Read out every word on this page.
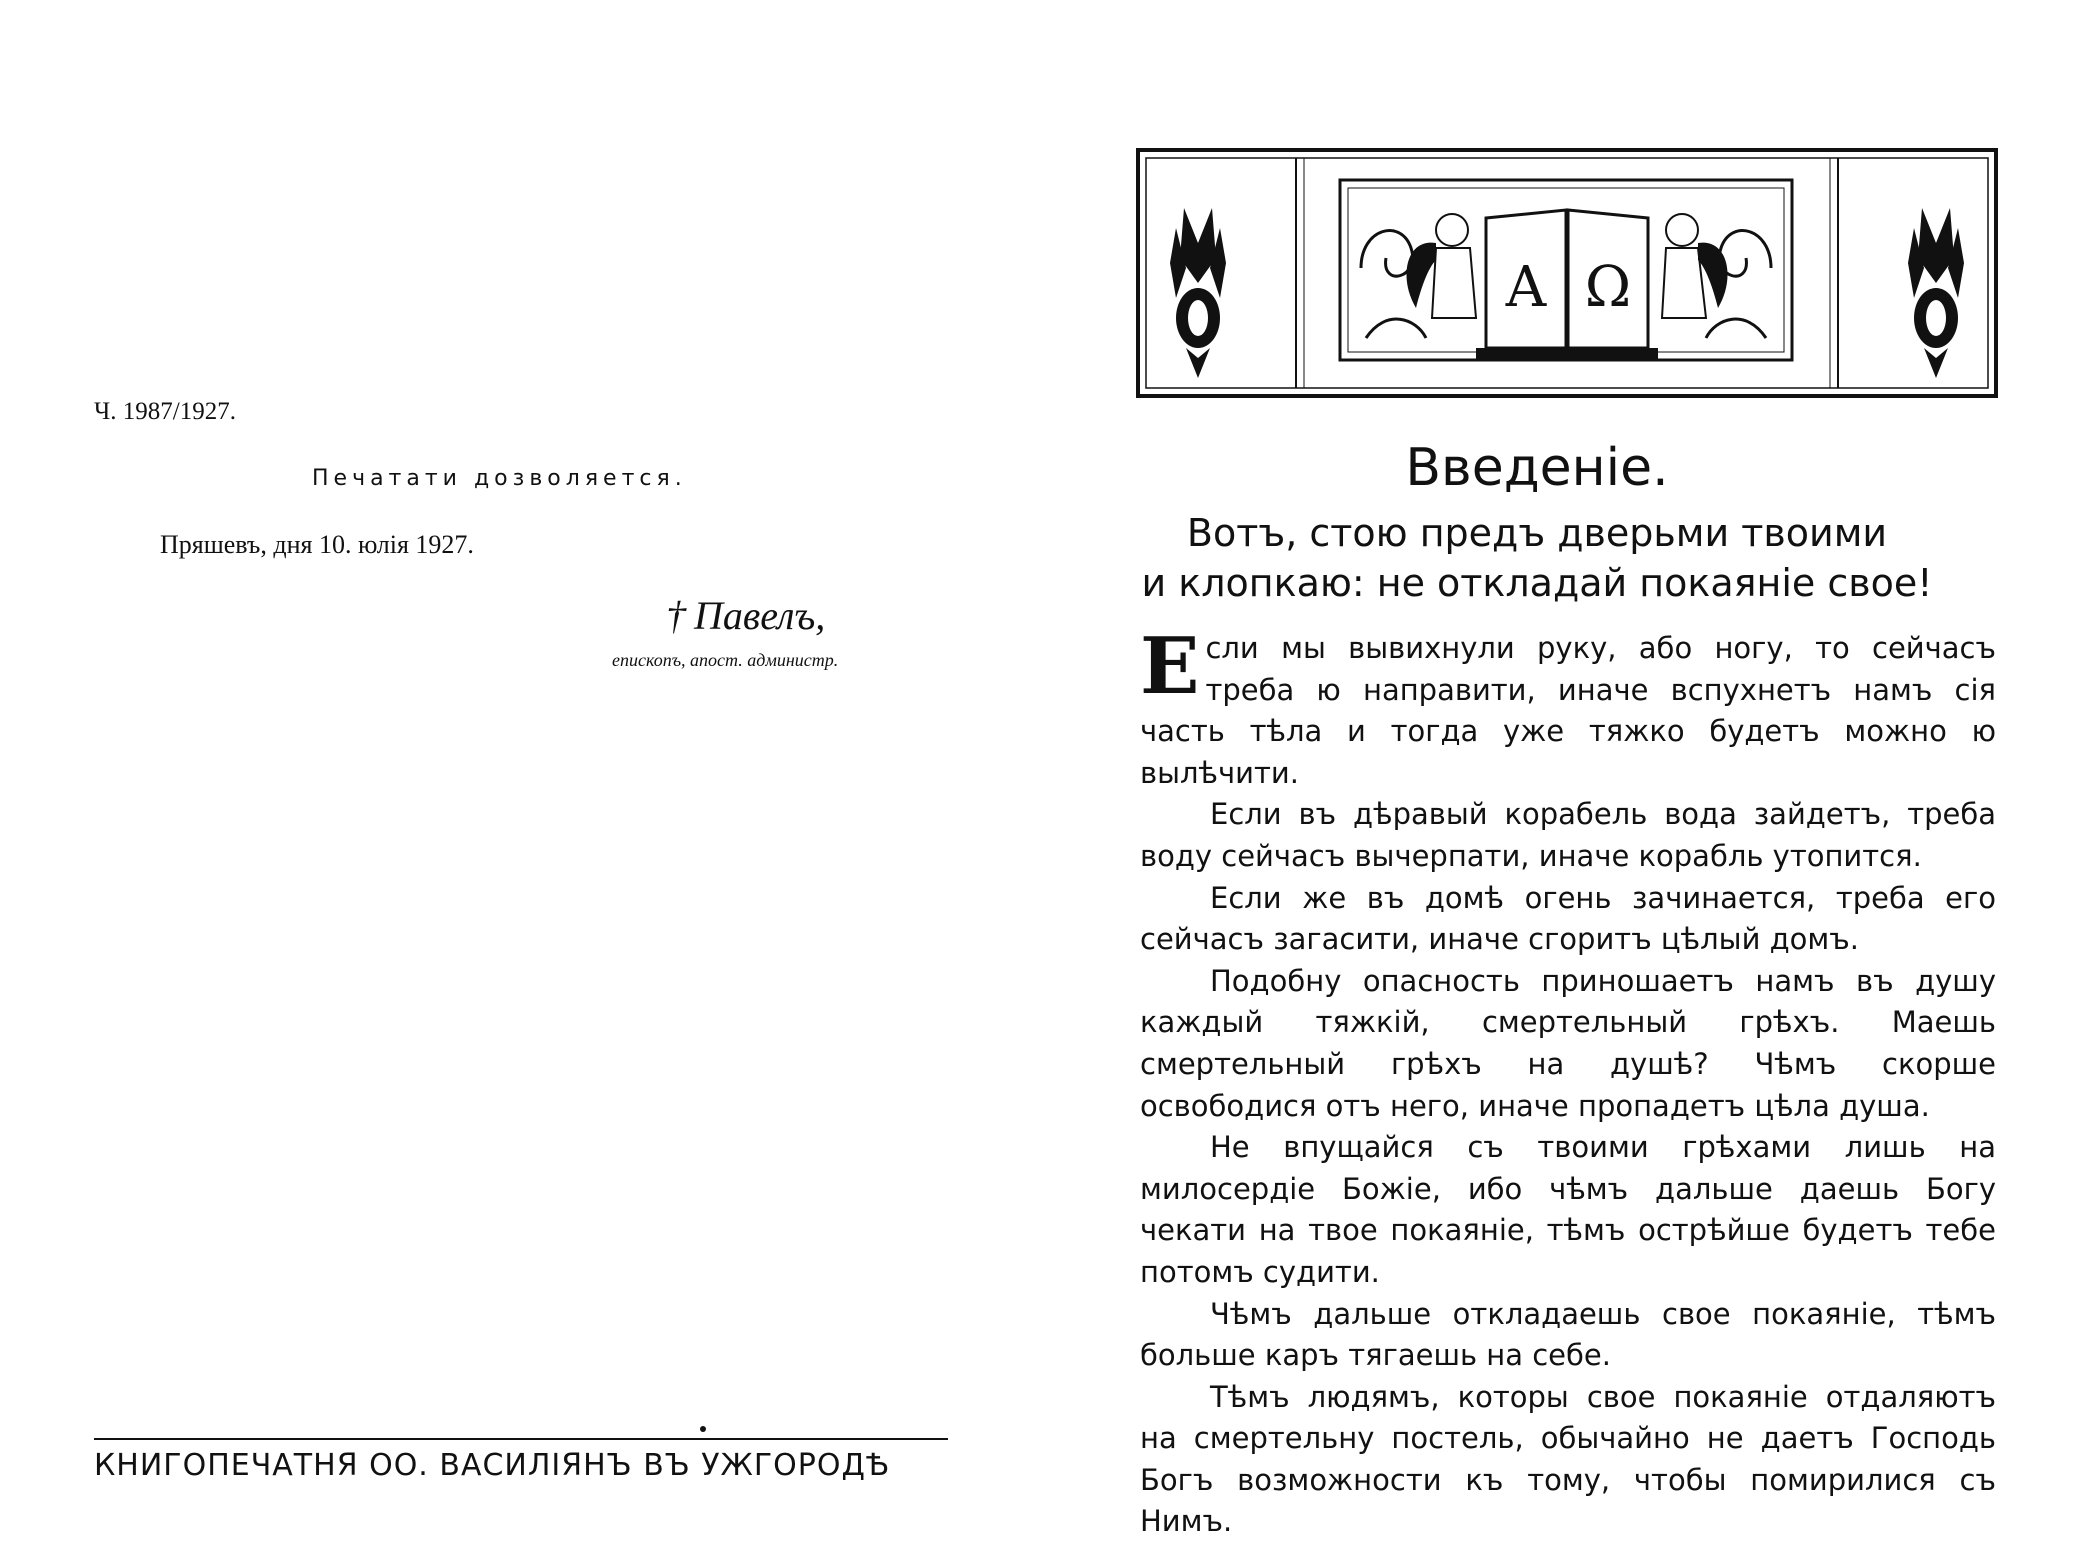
Ч. 1987/1927.
Печатати дозволяется.
Пряшевъ, дня 10. юлія 1927.
† Павелъ,
епископъ, апост. администр.
КНИГОПЕЧАТНЯ ОО. ВАСИЛІЯНЪ ВЪ УЖГОРОДѢ
A Ω
Введеніе.
Вотъ, стою предъ дверьми твоими
и клопкаю: не откладай покаяніе свое!

Если мы вывихнули руку, або ногу, то сейчасъ треба ю направити, иначе вспухнетъ намъ сія часть тѣла и тогда уже тяжко будетъ можно ю вылѣчити.

Если въ дѣравый корабель вода зайдетъ, треба воду сейчасъ вычерпати, иначе корабль утопится.

Если же въ домѣ огень зачинается, треба его сейчасъ загасити, иначе сгоритъ цѣлый домъ.

Подобну опасность приношаетъ намъ въ душу каждый тяжкій, смертельный грѣхъ. Маешь смертельный грѣхъ на душѣ? Чѣмъ скорше освободися отъ него, иначе пропадетъ цѣла душа.

Не впущайся съ твоими грѣхами лишь на милосердіе Божіе, ибо чѣмъ дальше даешь Богу чекати на твое покаяніе, тѣмъ острѣйше будетъ тебе потомъ судити.

Чѣмъ дальше откладаешь свое покаяніе, тѣмъ больше каръ тягаешь на себе.

Тѣмъ людямъ, которы свое покаяніе отдаляютъ на смертельну постель, обычайно не даетъ Господь Богъ возможности къ тому, чтобы помирилися съ Нимъ.
